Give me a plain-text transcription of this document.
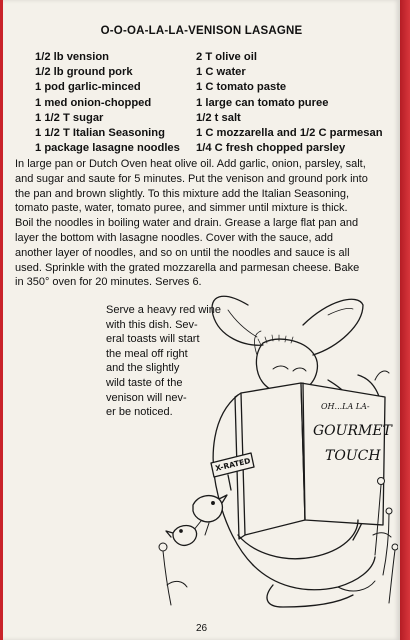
O-O-OA-LA-LA-VENISON LASAGNE
1/2 lb vension
1/2 lb ground pork
1 pod garlic-minced
1 med onion-chopped
1 1/2 T sugar
1 1/2 T Italian Seasoning
1 package lasagne noodles
2 T olive oil
1 C water
1 C tomato paste
1 large can tomato puree
1/2 t salt
1 C mozzarella and 1/2 C parmesan
1/4 C fresh chopped parsley
In large pan or Dutch Oven heat olive oil. Add garlic, onion, parsley, salt,
and sugar and saute for 5 minutes. Put the venison and ground pork into
the pan and brown slightly. To this mixture add the Italian Seasoning,
tomato paste, water, tomato puree, and simmer until mixture is thick.
Boil the noodles in boiling water and drain. Grease a large flat pan and
layer the bottom with lasagne noodles. Cover with the sauce, add
another layer of noodles, and so on until the noodles and sauce is all
used. Sprinkle with the grated mozzarella and parmesan cheese. Bake
in 350° oven for 20 minutes. Serves 6.
Serve a heavy red wine
with this dish. Sev-
eral toasts will start
the meal off right
and the slightly
wild taste of the
venison will nev-
er be noticed.	OH...LA LA-
GOURMET
TOUCH
X-RATED
26
